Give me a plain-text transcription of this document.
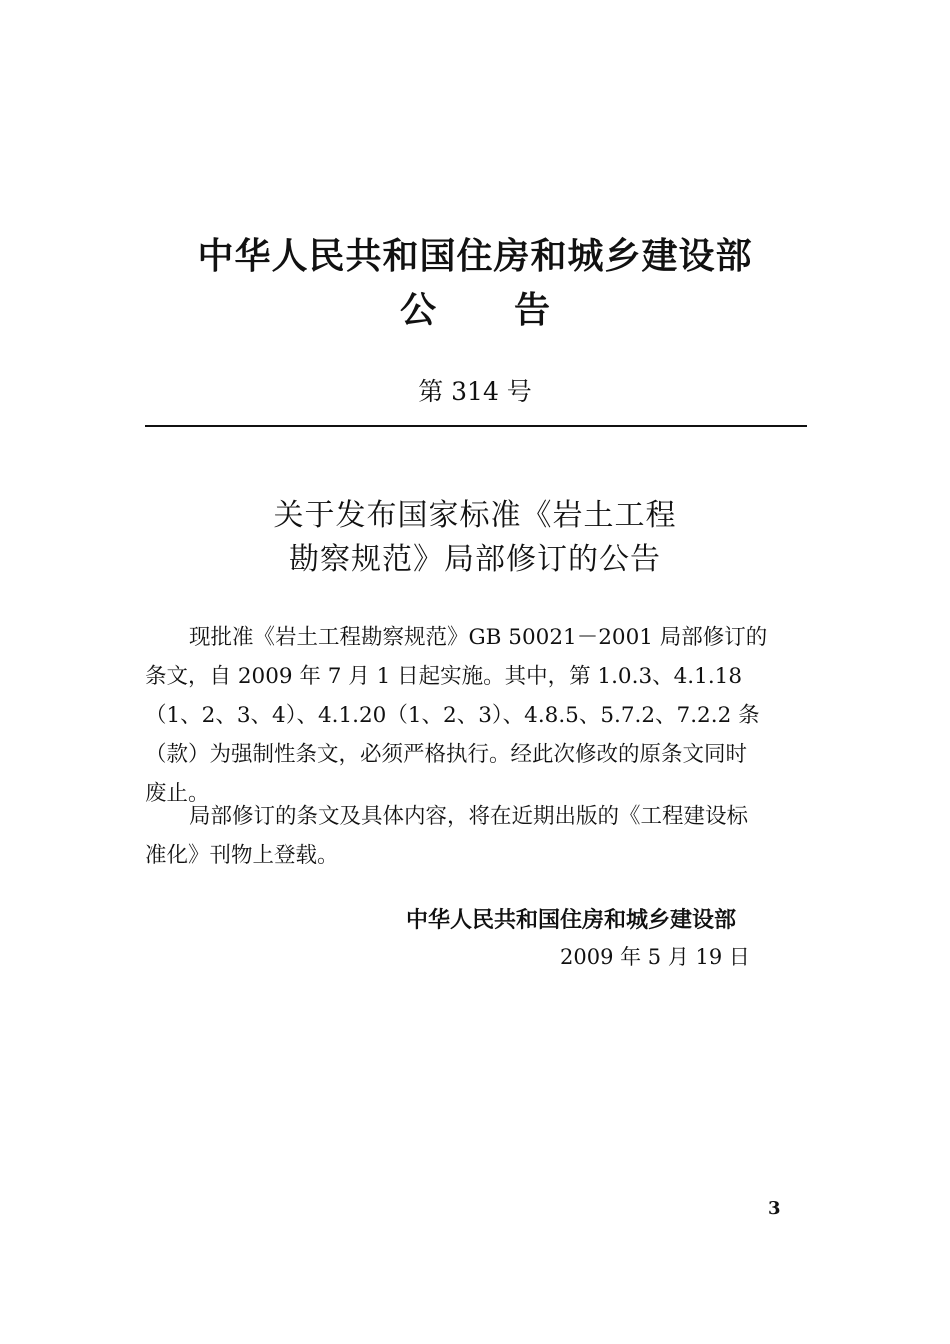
中华人民共和国住房和城乡建设部
公 告
第 314 号
关于发布国家标准《岩土工程
勘察规范》局部修订的公告
现批准《岩土工程勘察规范》GB 50021－2001 局部修订的
条文，自 2009 年 7 月 1 日起实施。其中，第 1.0.3、4.1.18
（1、2、3、4）、4.1.20（1、2、3）、4.8.5、5.7.2、7.2.2 条
（款）为强制性条文，必须严格执行。经此次修改的原条文同时
废止。
局部修订的条文及具体内容，将在近期出版的《工程建设标
准化》刊物上登载。
中华人民共和国住房和城乡建设部
2009 年 5 月 19 日
3
